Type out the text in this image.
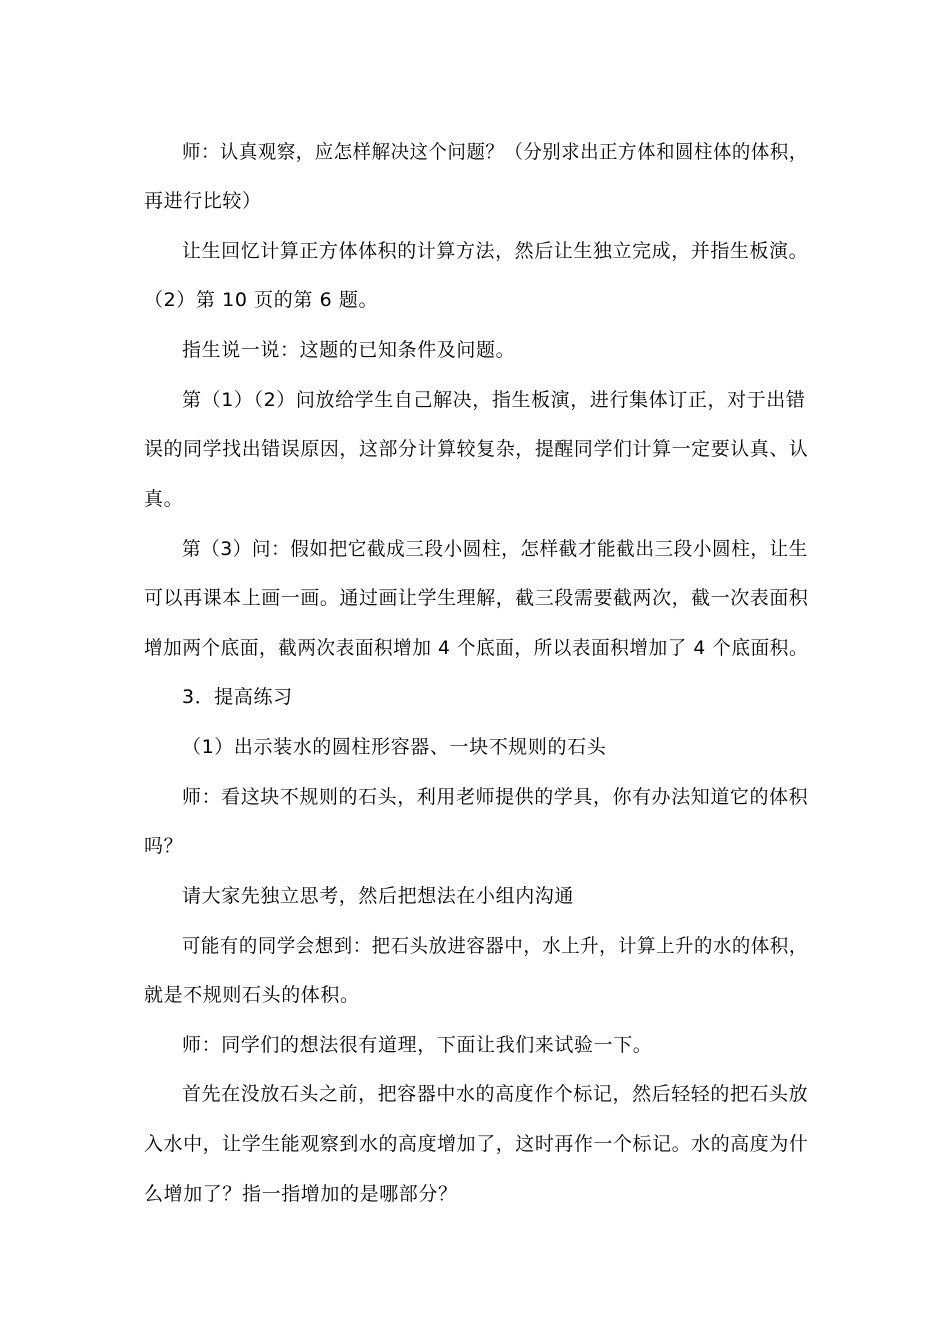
师：认真观察，应怎样解决这个问题？（分别求出正方体和圆柱体的体积，
再进行比较）
让生回忆计算正方体体积的计算方法，然后让生独立完成，并指生板演。
（2）第 10 页的第 6 题。
指生说一说：这题的已知条件及问题。
第（1）（2）问放给学生自己解决，指生板演，进行集体订正，对于出错
误的同学找出错误原因，这部分计算较复杂，提醒同学们计算一定要认真、认
真。
第（3）问：假如把它截成三段小圆柱，怎样截才能截出三段小圆柱，让生
可以再课本上画一画。通过画让学生理解，截三段需要截两次，截一次表面积
增加两个底面，截两次表面积增加 4 个底面，所以表面积增加了 4 个底面积。
3．提高练习
（1）出示装水的圆柱形容器、一块不规则的石头
师：看这块不规则的石头，利用老师提供的学具，你有办法知道它的体积
吗？
请大家先独立思考，然后把想法在小组内沟通
可能有的同学会想到：把石头放进容器中，水上升，计算上升的水的体积，
就是不规则石头的体积。
师：同学们的想法很有道理，下面让我们来试验一下。
首先在没放石头之前，把容器中水的高度作个标记，然后轻轻的把石头放
入水中，让学生能观察到水的高度增加了，这时再作一个标记。水的高度为什
么增加了？指一指增加的是哪部分？
